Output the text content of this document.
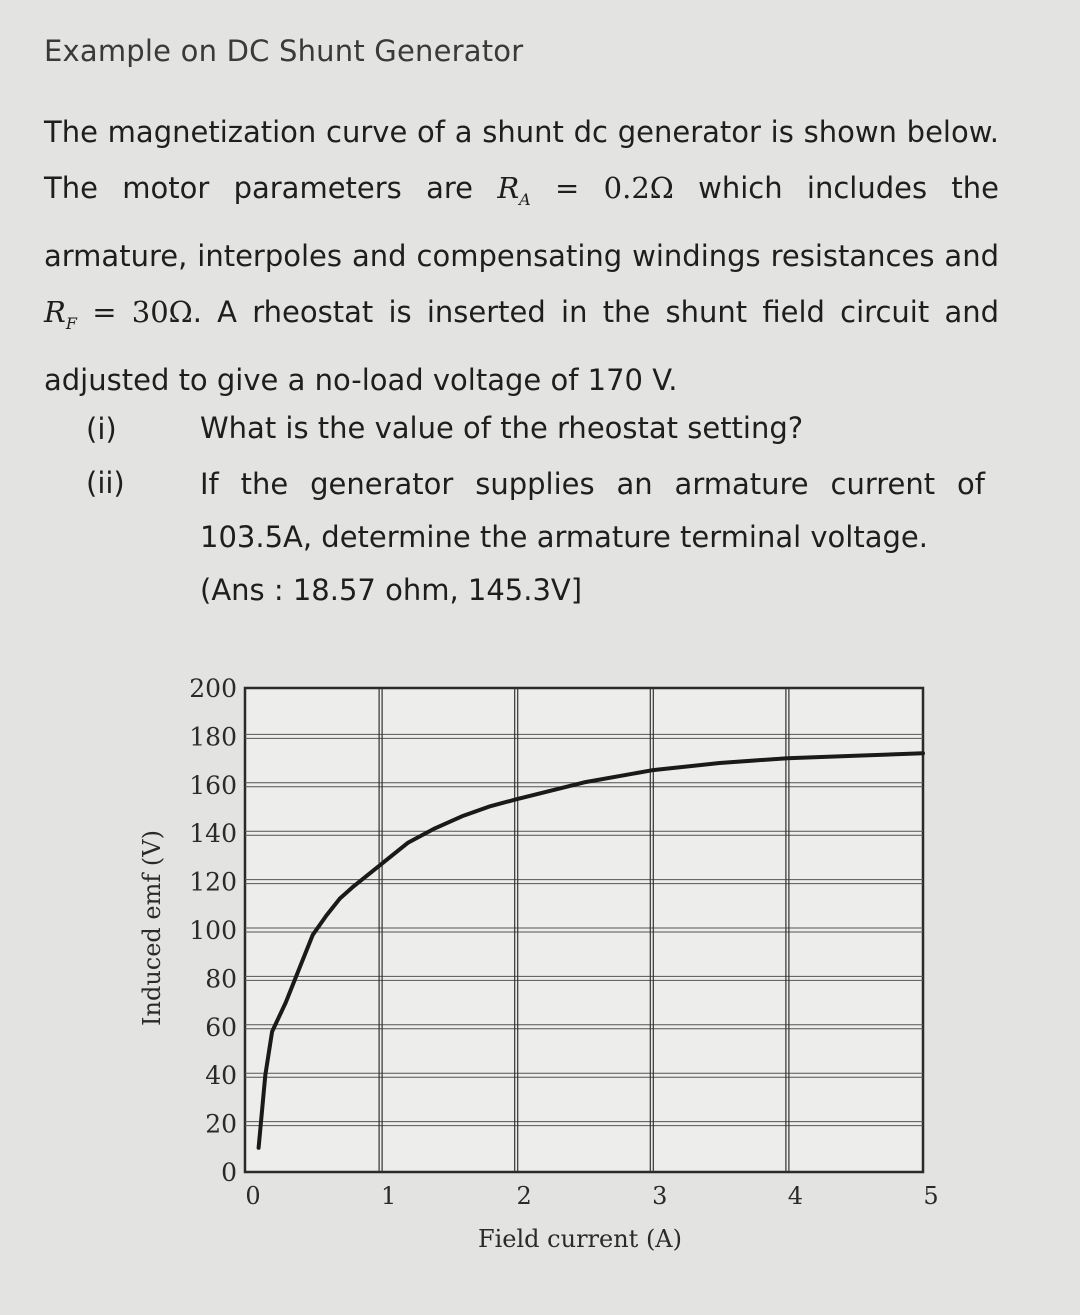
Example on DC Shunt Generator
The magnetization curve of a shunt dc generator is shown below. The motor parameters are $R_A = 0.2\Omega$ which includes the armature, interpoles and compensating windings resistances and $R_F = 30\Omega$. A rheostat is inserted in the shunt field circuit and adjusted to give a no-load voltage of 170 V.
(i)	What is the value of the rheostat setting?
(ii)	If the generator supplies an armature current of 103.5A, determine the armature terminal voltage.
(Ans : 18.57 ohm, 145.3V]
0
20
40
60
80
100
120
140
160
180
200
0	1	2	3	4	5
Induced emf (V)
Field current (A)
